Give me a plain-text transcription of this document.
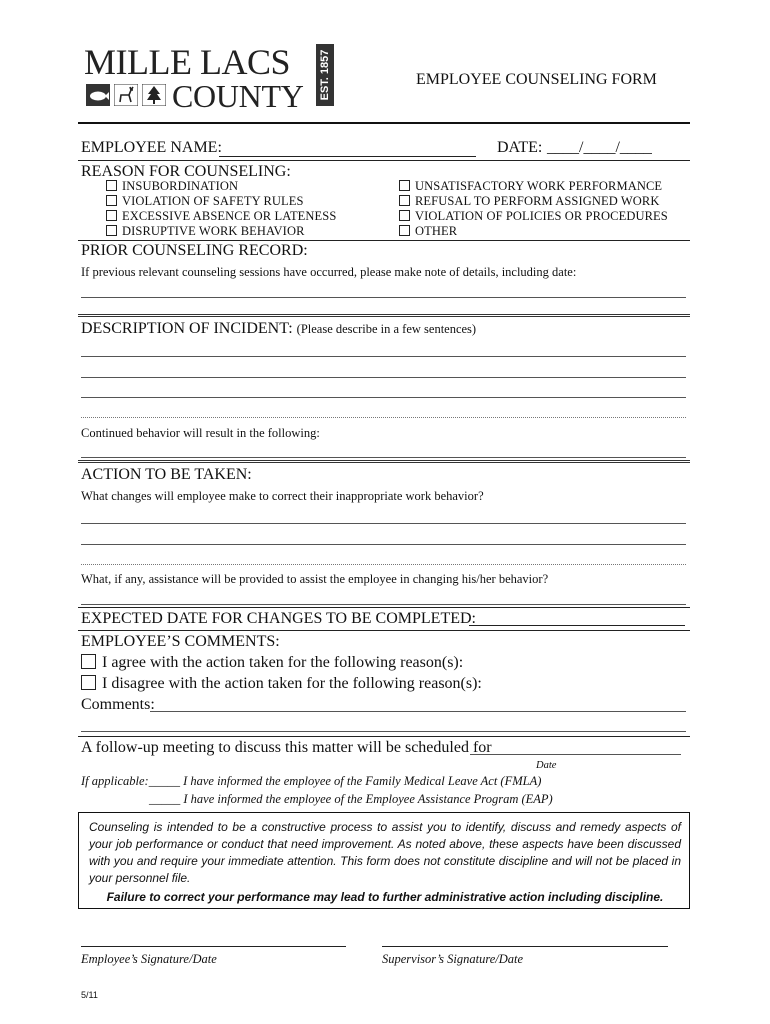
MILLE LACS
COUNTY EST. 1857	EMPLOYEE COUNSELING FORM
EMPLOYEE NAME:	DATE: ____/____/____
REASON FOR COUNSELING:
INSUBORDINATION
VIOLATION OF SAFETY RULES
EXCESSIVE ABSENCE OR LATENESS
DISRUPTIVE WORK BEHAVIOR
UNSATISFACTORY WORK PERFORMANCE
REFUSAL TO PERFORM ASSIGNED WORK
VIOLATION OF POLICIES OR PROCEDURES
OTHER
PRIOR COUNSELING RECORD:
If previous relevant counseling sessions have occurred, please make note of details, including date:
DESCRIPTION OF INCIDENT: (Please describe in a few sentences)
Continued behavior will result in the following:
ACTION TO BE TAKEN:
What changes will employee make to correct their inappropriate work behavior?
What, if any, assistance will be provided to assist the employee in changing his/her behavior?
EXPECTED DATE FOR CHANGES TO BE COMPLETED:
EMPLOYEE’S COMMENTS:
I agree with the action taken for the following reason(s):
I disagree with the action taken for the following reason(s):
Comments:
A follow-up meeting to discuss this matter will be scheduled for
Date
If applicable:_____ I have informed the employee of the Family Medical Leave Act (FMLA)
_____ I have informed the employee of the Employee Assistance Program (EAP)
Counseling is intended to be a constructive process to assist you to identify, discuss and remedy aspects of your job performance or conduct that need improvement. As noted above, these aspects have been discussed with you and require your immediate attention. This form does not constitute discipline and will not be placed in your personnel file.
Failure to correct your performance may lead to further administrative action including discipline.
Employee’s Signature/Date	Supervisor’s Signature/Date
5/11
